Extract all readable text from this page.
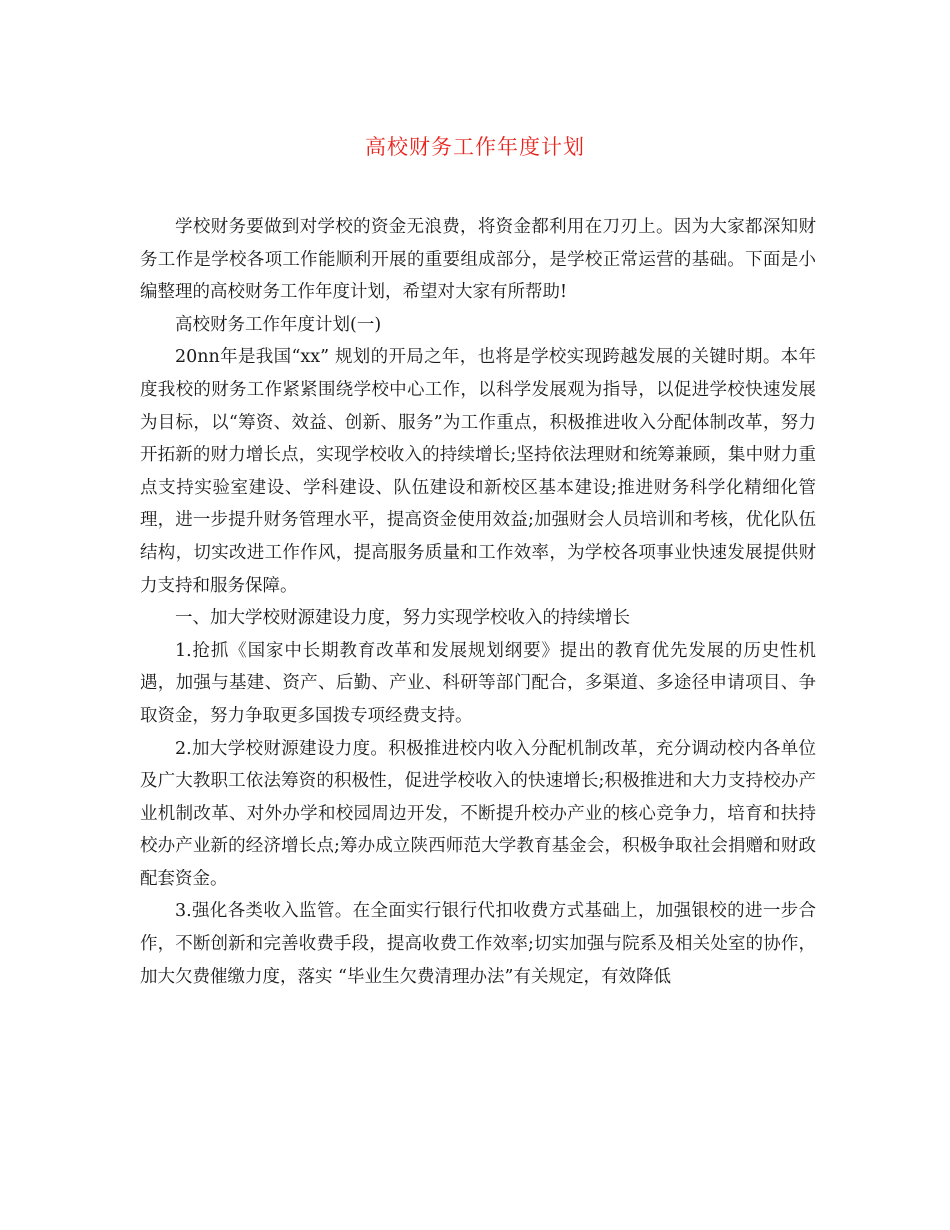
高校财务工作年度计划

学校财务要做到对学校的资金无浪费，将资金都利用在刀刃上。因为大家都深知财务工作是学校各项工作能顺利开展的重要组成部分，是学校正常运营的基础。下面是小编整理的高校财务工作年度计划，希望对大家有所帮助!

高校财务工作年度计划(一)

20nn年是我国“xx” 规划的开局之年，也将是学校实现跨越发展的关键时期。本年度我校的财务工作紧紧围绕学校中心工作，以科学发展观为指导，以促进学校快速发展为目标，以“筹资、效益、创新、服务”为工作重点，积极推进收入分配体制改革，努力开拓新的财力增长点，实现学校收入的持续增长;坚持依法理财和统筹兼顾，集中财力重点支持实验室建设、学科建设、队伍建设和新校区基本建设;推进财务科学化精细化管理，进一步提升财务管理水平，提高资金使用效益;加强财会人员培训和考核，优化队伍结构，切实改进工作作风，提高服务质量和工作效率，为学校各项事业快速发展提供财力支持和服务保障。

一、加大学校财源建设力度，努力实现学校收入的持续增长

1.抢抓《国家中长期教育改革和发展规划纲要》提出的教育优先发展的历史性机遇，加强与基建、资产、后勤、产业、科研等部门配合，多渠道、多途径申请项目、争取资金，努力争取更多国拨专项经费支持。

2.加大学校财源建设力度。积极推进校内收入分配机制改革，充分调动校内各单位及广大教职工依法筹资的积极性，促进学校收入的快速增长;积极推进和大力支持校办产业机制改革、对外办学和校园周边开发，不断提升校办产业的核心竞争力，培育和扶持校办产业新的经济增长点;筹办成立陕西师范大学教育基金会，积极争取社会捐赠和财政配套资金。

3.强化各类收入监管。在全面实行银行代扣收费方式基础上，加强银校的进一步合作，不断创新和完善收费手段，提高收费工作效率;切实加强与院系及相关处室的协作，加大欠费催缴力度，落实 “毕业生欠费清理办法”有关规定，有效降低
